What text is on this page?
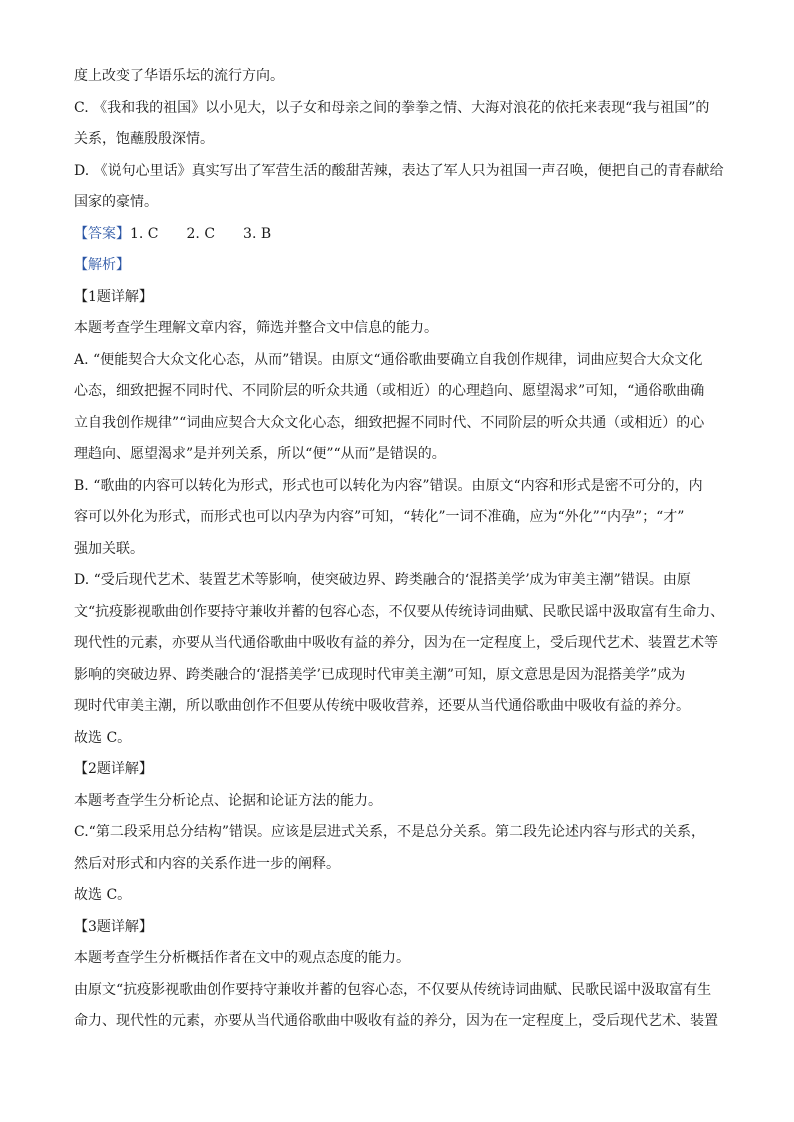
度上改变了华语乐坛的流行方向。
C. 《我和我的祖国》以小见大，以子女和母亲之间的拳拳之情、大海对浪花的依托来表现“我与祖国”的
关系，饱蘸殷殷深情。
D. 《说句心里话》真实写出了军营生活的酸甜苦辣，表达了军人只为祖国一声召唤，便把自己的青春献给
国家的豪情。
【答案】1. C　　2. C　　3. B
【解析】
【1题详解】
本题考查学生理解文章内容，筛选并整合文中信息的能力。
A. “便能契合大众文化心态，从而”错误。由原文“通俗歌曲要确立自我创作规律，词曲应契合大众文化
心态，细致把握不同时代、不同阶层的听众共通（或相近）的心理趋向、愿望渴求”可知，“通俗歌曲确
立自我创作规律”“词曲应契合大众文化心态，细致把握不同时代、不同阶层的听众共通（或相近）的心
理趋向、愿望渴求”是并列关系，所以“便”“从而”是错误的。
B. “歌曲的内容可以转化为形式，形式也可以转化为内容”错误。由原文“内容和形式是密不可分的，内
容可以外化为形式，而形式也可以内孕为内容”可知，“转化”一词不准确，应为“外化”“内孕”；“才”
强加关联。
D. “受后现代艺术、装置艺术等影响，使突破边界、跨类融合的‘混搭美学’成为审美主潮”错误。由原
文“抗疫影视歌曲创作要持守兼收并蓄的包容心态，不仅要从传统诗词曲赋、民歌民谣中汲取富有生命力、
现代性的元素，亦要从当代通俗歌曲中吸收有益的养分，因为在一定程度上，受后现代艺术、装置艺术等
影响的突破边界、跨类融合的‘混搭美学’已成现时代审美主潮”可知，原文意思是因为混搭美学”成为
现时代审美主潮，所以歌曲创作不但要从传统中吸收营养，还要从当代通俗歌曲中吸收有益的养分。
故选 C。
【2题详解】
本题考查学生分析论点、论据和论证方法的能力。
C.“第二段采用总分结构”错误。应该是层进式关系，不是总分关系。第二段先论述内容与形式的关系，
然后对形式和内容的关系作进一步的阐释。
故选 C。
【3题详解】
本题考查学生分析概括作者在文中的观点态度的能力。
由原文“抗疫影视歌曲创作要持守兼收并蓄的包容心态，不仅要从传统诗词曲赋、民歌民谣中汲取富有生
命力、现代性的元素，亦要从当代通俗歌曲中吸收有益的养分，因为在一定程度上，受后现代艺术、装置
